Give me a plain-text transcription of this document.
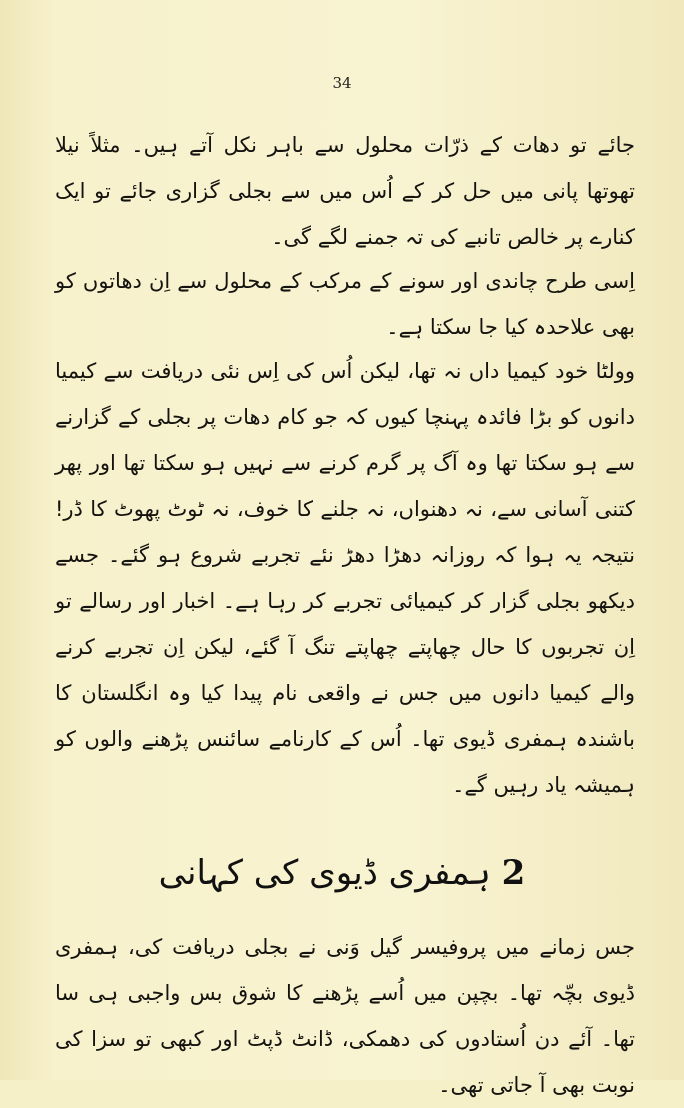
34

جائے تو دھات کے ذرّات محلول سے باہر نکل آتے ہیں۔ مثلاً نیلا تھوتھا پانی میں حل کر کے اُس میں سے بجلی گزاری جائے تو ایک کنارے پر خالص تانبے کی تہ جمنے لگے گی۔

اِسی طرح چاندی اور سونے کے مرکب کے محلول سے اِن دھاتوں کو بھی علاحدہ کیا جا سکتا ہے۔

وولٹا خود کیمیا داں نہ تھا، لیکن اُس کی اِس نئی دریافت سے کیمیا دانوں کو بڑا فائدہ پہنچا کیوں کہ جو کام دھات پر بجلی کے گزارنے سے ہو سکتا تھا وہ آگ پر گرم کرنے سے نہیں ہو سکتا تھا اور پھر کتنی آسانی سے، نہ دھنواں، نہ جلنے کا خوف، نہ ٹوٹ پھوٹ کا ڈر! نتیجہ یہ ہوا کہ روزانہ دھڑا دھڑ نئے تجربے شروع ہو گئے۔ جسے دیکھو بجلی گزار کر کیمیائی تجربے کر رہا ہے۔ اخبار اور رسالے تو اِن تجربوں کا حال چھاپتے چھاپتے تنگ آ گئے، لیکن اِن تجربے کرنے والے کیمیا دانوں میں جس نے واقعی نام پیدا کیا وہ انگلستان کا باشندہ ہمفری ڈیوی تھا۔ اُس کے کارنامے سائنس پڑھنے والوں کو ہمیشہ یاد رہیں گے۔

2 ہمفری ڈیوی کی کہانی

جس زمانے میں پروفیسر گیل وَنی نے بجلی دریافت کی، ہمفری ڈیوی بچّہ تھا۔ بچپن میں اُسے پڑھنے کا شوق بس واجبی ہی سا تھا۔ آئے دن اُستادوں کی دھمکی، ڈانٹ ڈپٹ اور کبھی تو سزا کی نوبت بھی آ جاتی تھی۔
